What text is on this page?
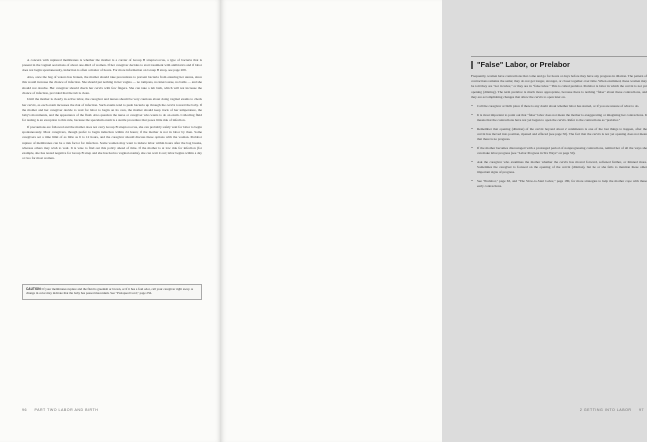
A concern with ruptured membranes is whether the mother is a carrier of Group B streptococcus, a type of bacteria that is present in the vaginal secretions of about one-third of women. If her caregiver decides to start treatment with antibiotics and if labor does not begin spontaneously, induction is often a matter of hours. For more information on Group B strep, see page 209.

Also, once the bag of waters has broken, the mother should take precautions to prevent bacteria from entering her uterus, since this would increase the chance of infection. She should put nothing in her vagina — no tampons, no intercourse, no baths — and she should not douche. Her caregiver should check her cervix with few fingers. She can take a tub bath, which will not increase the chance of infection, provided that the tub is clean.

Until the mother is clearly in active labor, the caregiver and nurses should be very cautious about doing vaginal exams to check her cervix, as each exam increases the risk of infection. Such exams tend to push bacteria up through the cervix toward the baby. If the mother and her caregiver decide to wait for labor to begin on its own, the mother should keep track of her temperature, the baby's movements, and the appearance of the fluid. Also question the nurse or caregiver who wants to do an exam. Collecting fluid for testing is an exception to this rule, because the speculum exam is a sterile procedure that poses little risk of infection.

If precautions are followed and the mother does not carry Group B streptococcus, she can probably safely wait for labor to begin spontaneously. Most caregivers, though prefer to begin induction within 24 hours; if the mother is not in labor by then. Some caregivers set a time limit of as little as 6 to 12 hours, and the caregiver should discuss these options with the woman. Prelabor rupture of membranes can be a risk factor for infection. Some women may want to induce labor within hours after the bag breaks, whereas others may wish to wait. It is wise to find out this policy ahead of time. If the mother is at low risk for infection (for example, she has tested negative for Group B strep and she has had no vaginal exams), she can wait it out; labor begins within a day or two for most women.

CAUTION: If your membranes rupture and the fluid is greenish or brown, or if it has a foul odor, call your caregiver right away. A change in color may indicate that the baby has passed meconium. See "Prolapsed Cord," page 256.
96 PART TWO LABOR AND BIRTH
"False" Labor, or Prelabor

Frequently, women have contractions that come and go for hours or days before they have any progress in dilation. The pattern of contractions remains the same; they do not get longer, stronger, or closer together over time. When examined, these women may be told they are "not in labor," or they are in "false labor." This is called prelabor. Prelabor is labor in which the cervix is not yet opening (dilating). The term prelabor is much more appropriate, because there is nothing "false" about these contractions, and they are accomplishing changes that allow the cervix to open later on.

• Call the caregiver or birth place if there is any doubt about whether labor has started, or if you are unsure of what to do.
• It is most important to point out that "false" labor does not mean the mother is exaggerating or imagining her contractions. It means that the contractions have not yet begun to open the cervix. Refer to the contractions as "prelabor."
• Remember that opening (dilation) of the cervix beyond about 2 centimeters is one of the last things to happen, after the cervix has moved into position, ripened and effaced (see page 50). The fact that the cervix is not yet opening does not mean that there is no progress.
• If the mother becomes discouraged with a prolonged period of nonprogressing contractions, remind her of all the ways she can make labor progress (see "Labor Progress in Six Ways" on page 50).
• Ask the caregiver who examines the mother whether the cervix has moved forward, softened further, or thinned more. Sometimes the caregiver is focused on the opening of the cervix (dilation), but he or she fails to mention these other important signs of progress.
• See "Prelabor," page 63, and "The Slow-to-Start Labor," page 180, for more strategies to help the mother cope with these early contractions.
2 GETTING INTO LABOR 97
